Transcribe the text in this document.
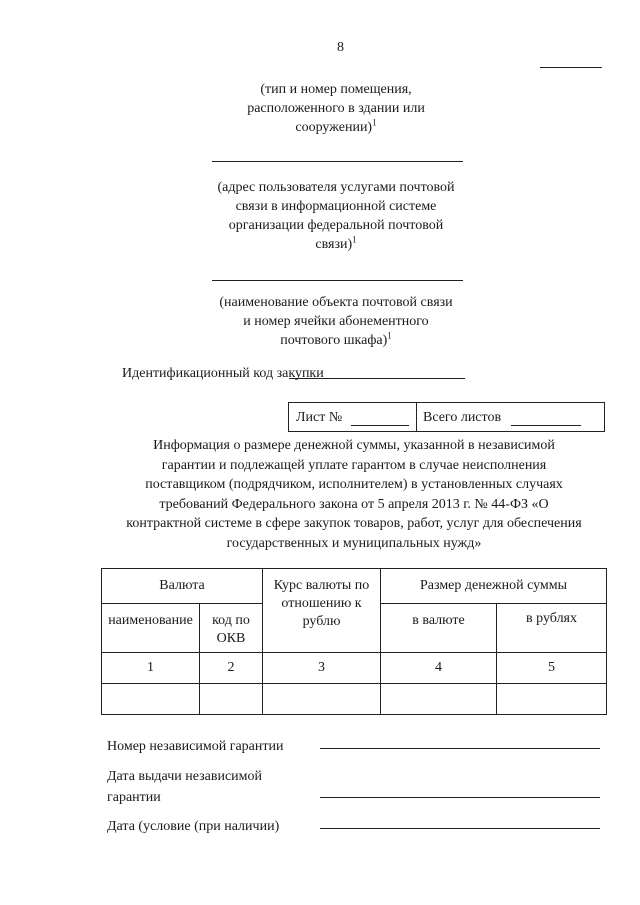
8
(тип и номер помещения,
расположенного в здании или
сооружении)$^1$
(адрес пользователя услугами почтовой
связи в информационной системе
организации федеральной почтовой
связи)$^1$
(наименование объекта почтовой связи
и номер ячейки абонементного
почтового шкафа)$^1$
Идентификационный код закупки
Лист №	Всего листов
Информация о размере денежной суммы, указанной в независимой
гарантии и подлежащей уплате гарантом в случае неисполнения
поставщиком (подрядчиком, исполнителем) в установленных случаях
требований Федерального закона от 5 апреля 2013 г. № 44-ФЗ «О
контрактной системе в сфере закупок товаров, работ, услуг для обеспечения
государственных и муниципальных нужд»
Валюта		Курс валюты по отношению к рублю	Размер денежной суммы	
наименование	код по ОКВ		в валюте	в рублях
1	2	3	4	5

Номер независимой гарантии
Дата выдачи независимой
гарантии
Дата (условие (при наличии)
